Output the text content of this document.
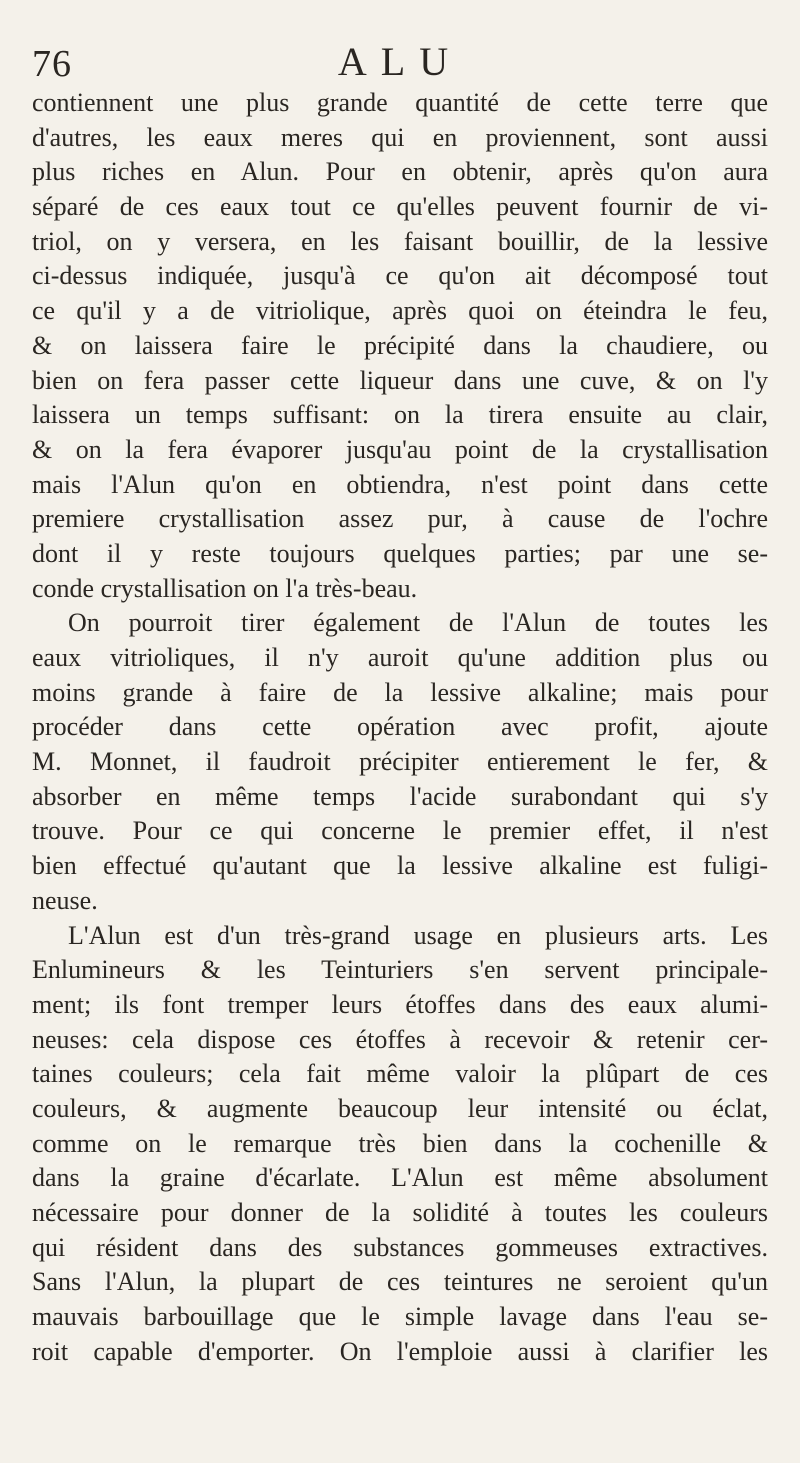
76	ALU
contiennent une plus grande quantité de cette terre que
d'autres, les eaux meres qui en proviennent, sont aussi
plus riches en Alun. Pour en obtenir, après qu'on aura
séparé de ces eaux tout ce qu'elles peuvent fournir de vi-
triol, on y versera, en les faisant bouillir, de la lessive
ci-dessus indiquée, jusqu'à ce qu'on ait décomposé tout
ce qu'il y a de vitriolique, après quoi on éteindra le feu,
& on laissera faire le précipité dans la chaudiere, ou
bien on fera passer cette liqueur dans une cuve, & on l'y
laissera un temps suffisant: on la tirera ensuite au clair,
& on la fera évaporer jusqu'au point de la crystallisation
mais l'Alun qu'on en obtiendra, n'est point dans cette
premiere crystallisation assez pur, à cause de l'ochre
dont il y reste toujours quelques parties; par une se-
conde crystallisation on l'a très-beau.
On pourroit tirer également de l'Alun de toutes les
eaux vitrioliques, il n'y auroit qu'une addition plus ou
moins grande à faire de la lessive alkaline; mais pour
procéder dans cette opération avec profit, ajoute
M. Monnet, il faudroit précipiter entierement le fer, &
absorber en même temps l'acide surabondant qui s'y
trouve. Pour ce qui concerne le premier effet, il n'est
bien effectué qu'autant que la lessive alkaline est fuligi-
neuse.
L'Alun est d'un très-grand usage en plusieurs arts. Les
Enlumineurs & les Teinturiers s'en servent principale-
ment; ils font tremper leurs étoffes dans des eaux alumi-
neuses: cela dispose ces étoffes à recevoir & retenir cer-
taines couleurs; cela fait même valoir la plûpart de ces
couleurs, & augmente beaucoup leur intensité ou éclat,
comme on le remarque très bien dans la cochenille &
dans la graine d'écarlate. L'Alun est même absolument
nécessaire pour donner de la solidité à toutes les couleurs
qui résident dans des substances gommeuses extractives.
Sans l'Alun, la plupart de ces teintures ne seroient qu'un
mauvais barbouillage que le simple lavage dans l'eau se-
roit capable d'emporter. On l'emploie aussi à clarifier les
